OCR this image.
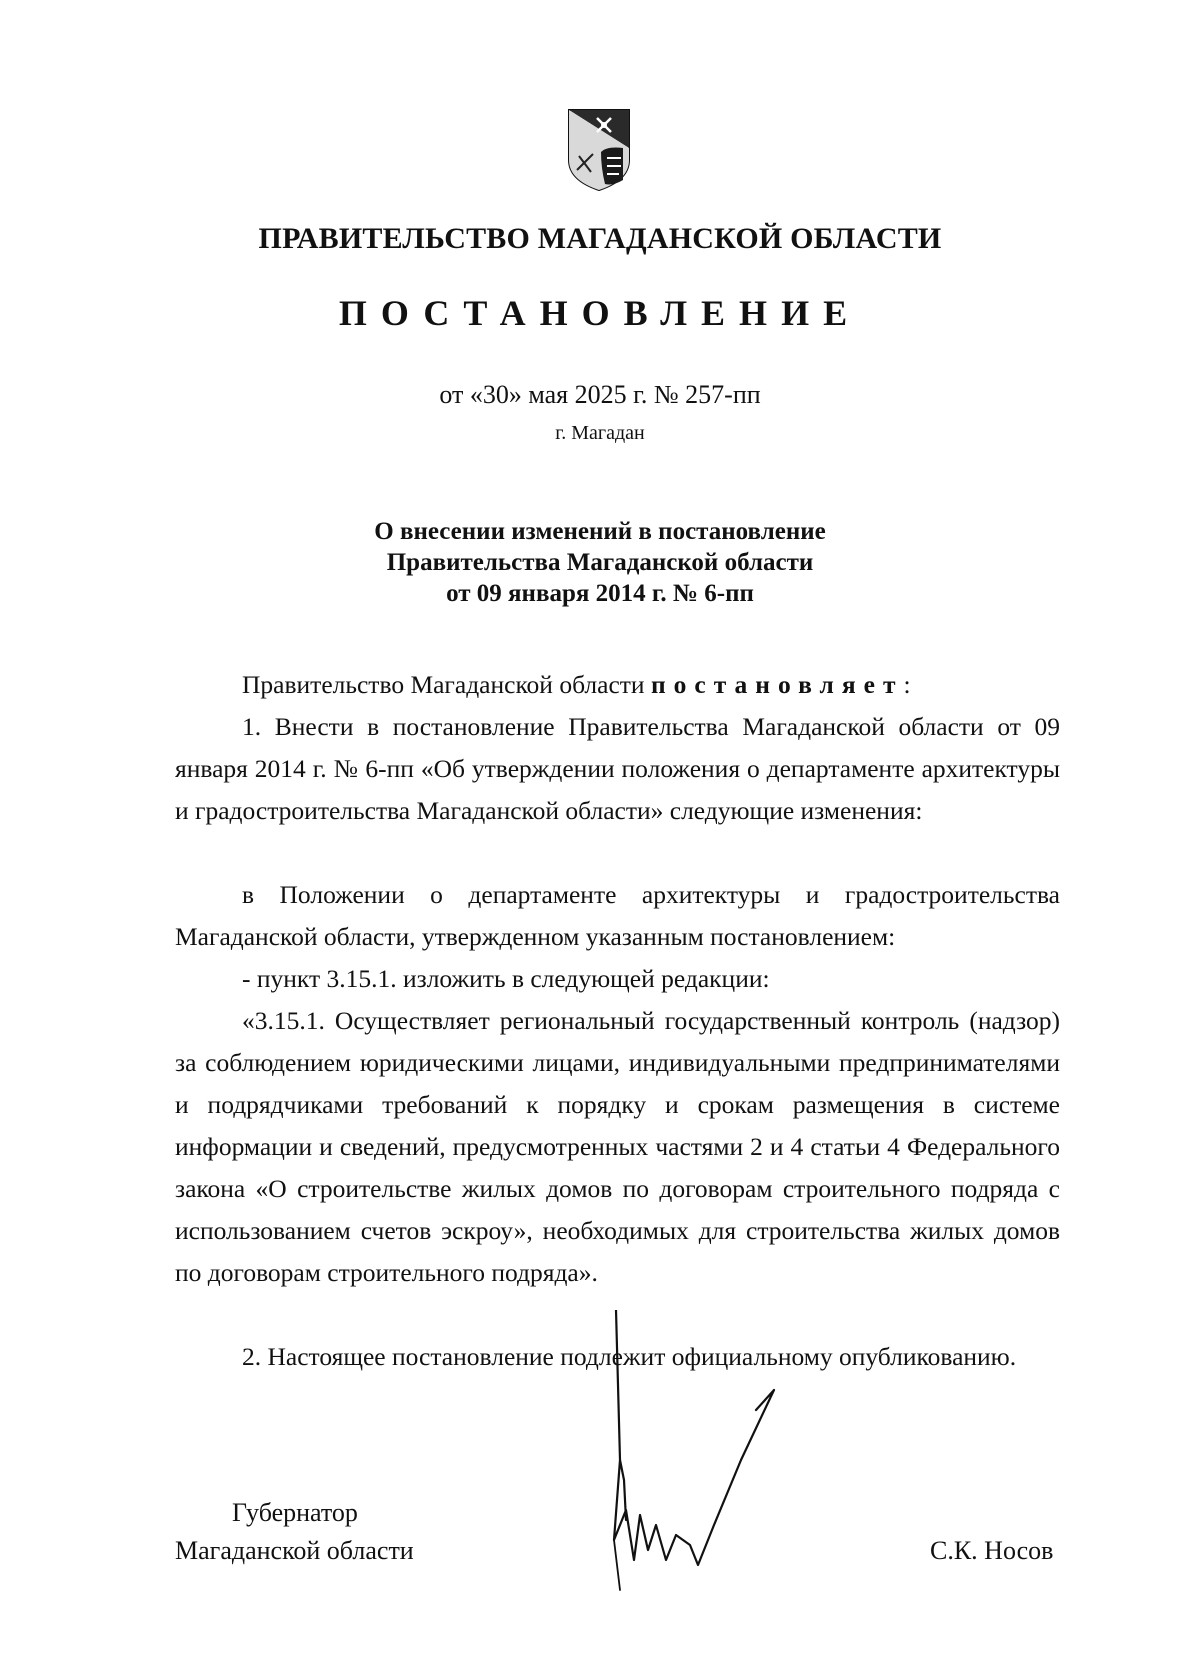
ПРАВИТЕЛЬСТВО МАГАДАНСКОЙ ОБЛАСТИ
ПОСТАНОВЛЕНИЕ
от «30» мая 2025 г. № 257-пп
г. Магадан
О внесении изменений в постановление
Правительства Магаданской области
от 09 января 2014 г. № 6-пп
Правительство Магаданской области постановляет:
1. Внести в постановление Правительства Магаданской области от 09 января 2014 г. № 6-пп «Об утверждении положения о департаменте архитектуры и градостроительства Магаданской области» следующие изменения:
в Положении о департаменте архитектуры и градостроительства Магаданской области, утвержденном указанным постановлением:
- пункт 3.15.1. изложить в следующей редакции:
«3.15.1. Осуществляет региональный государственный контроль (надзор) за соблюдением юридическими лицами, индивидуальными предпринимателями и подрядчиками требований к порядку и срокам размещения в системе информации и сведений, предусмотренных частями 2 и 4 статьи 4 Федерального закона «О строительстве жилых домов по договорам строительного подряда с использованием счетов эскроу», необходимых для строительства жилых домов по договорам строительного подряда».
2. Настоящее постановление подлежит официальному опубликованию.
Губернатор
Магаданской области	С.К. Носов
